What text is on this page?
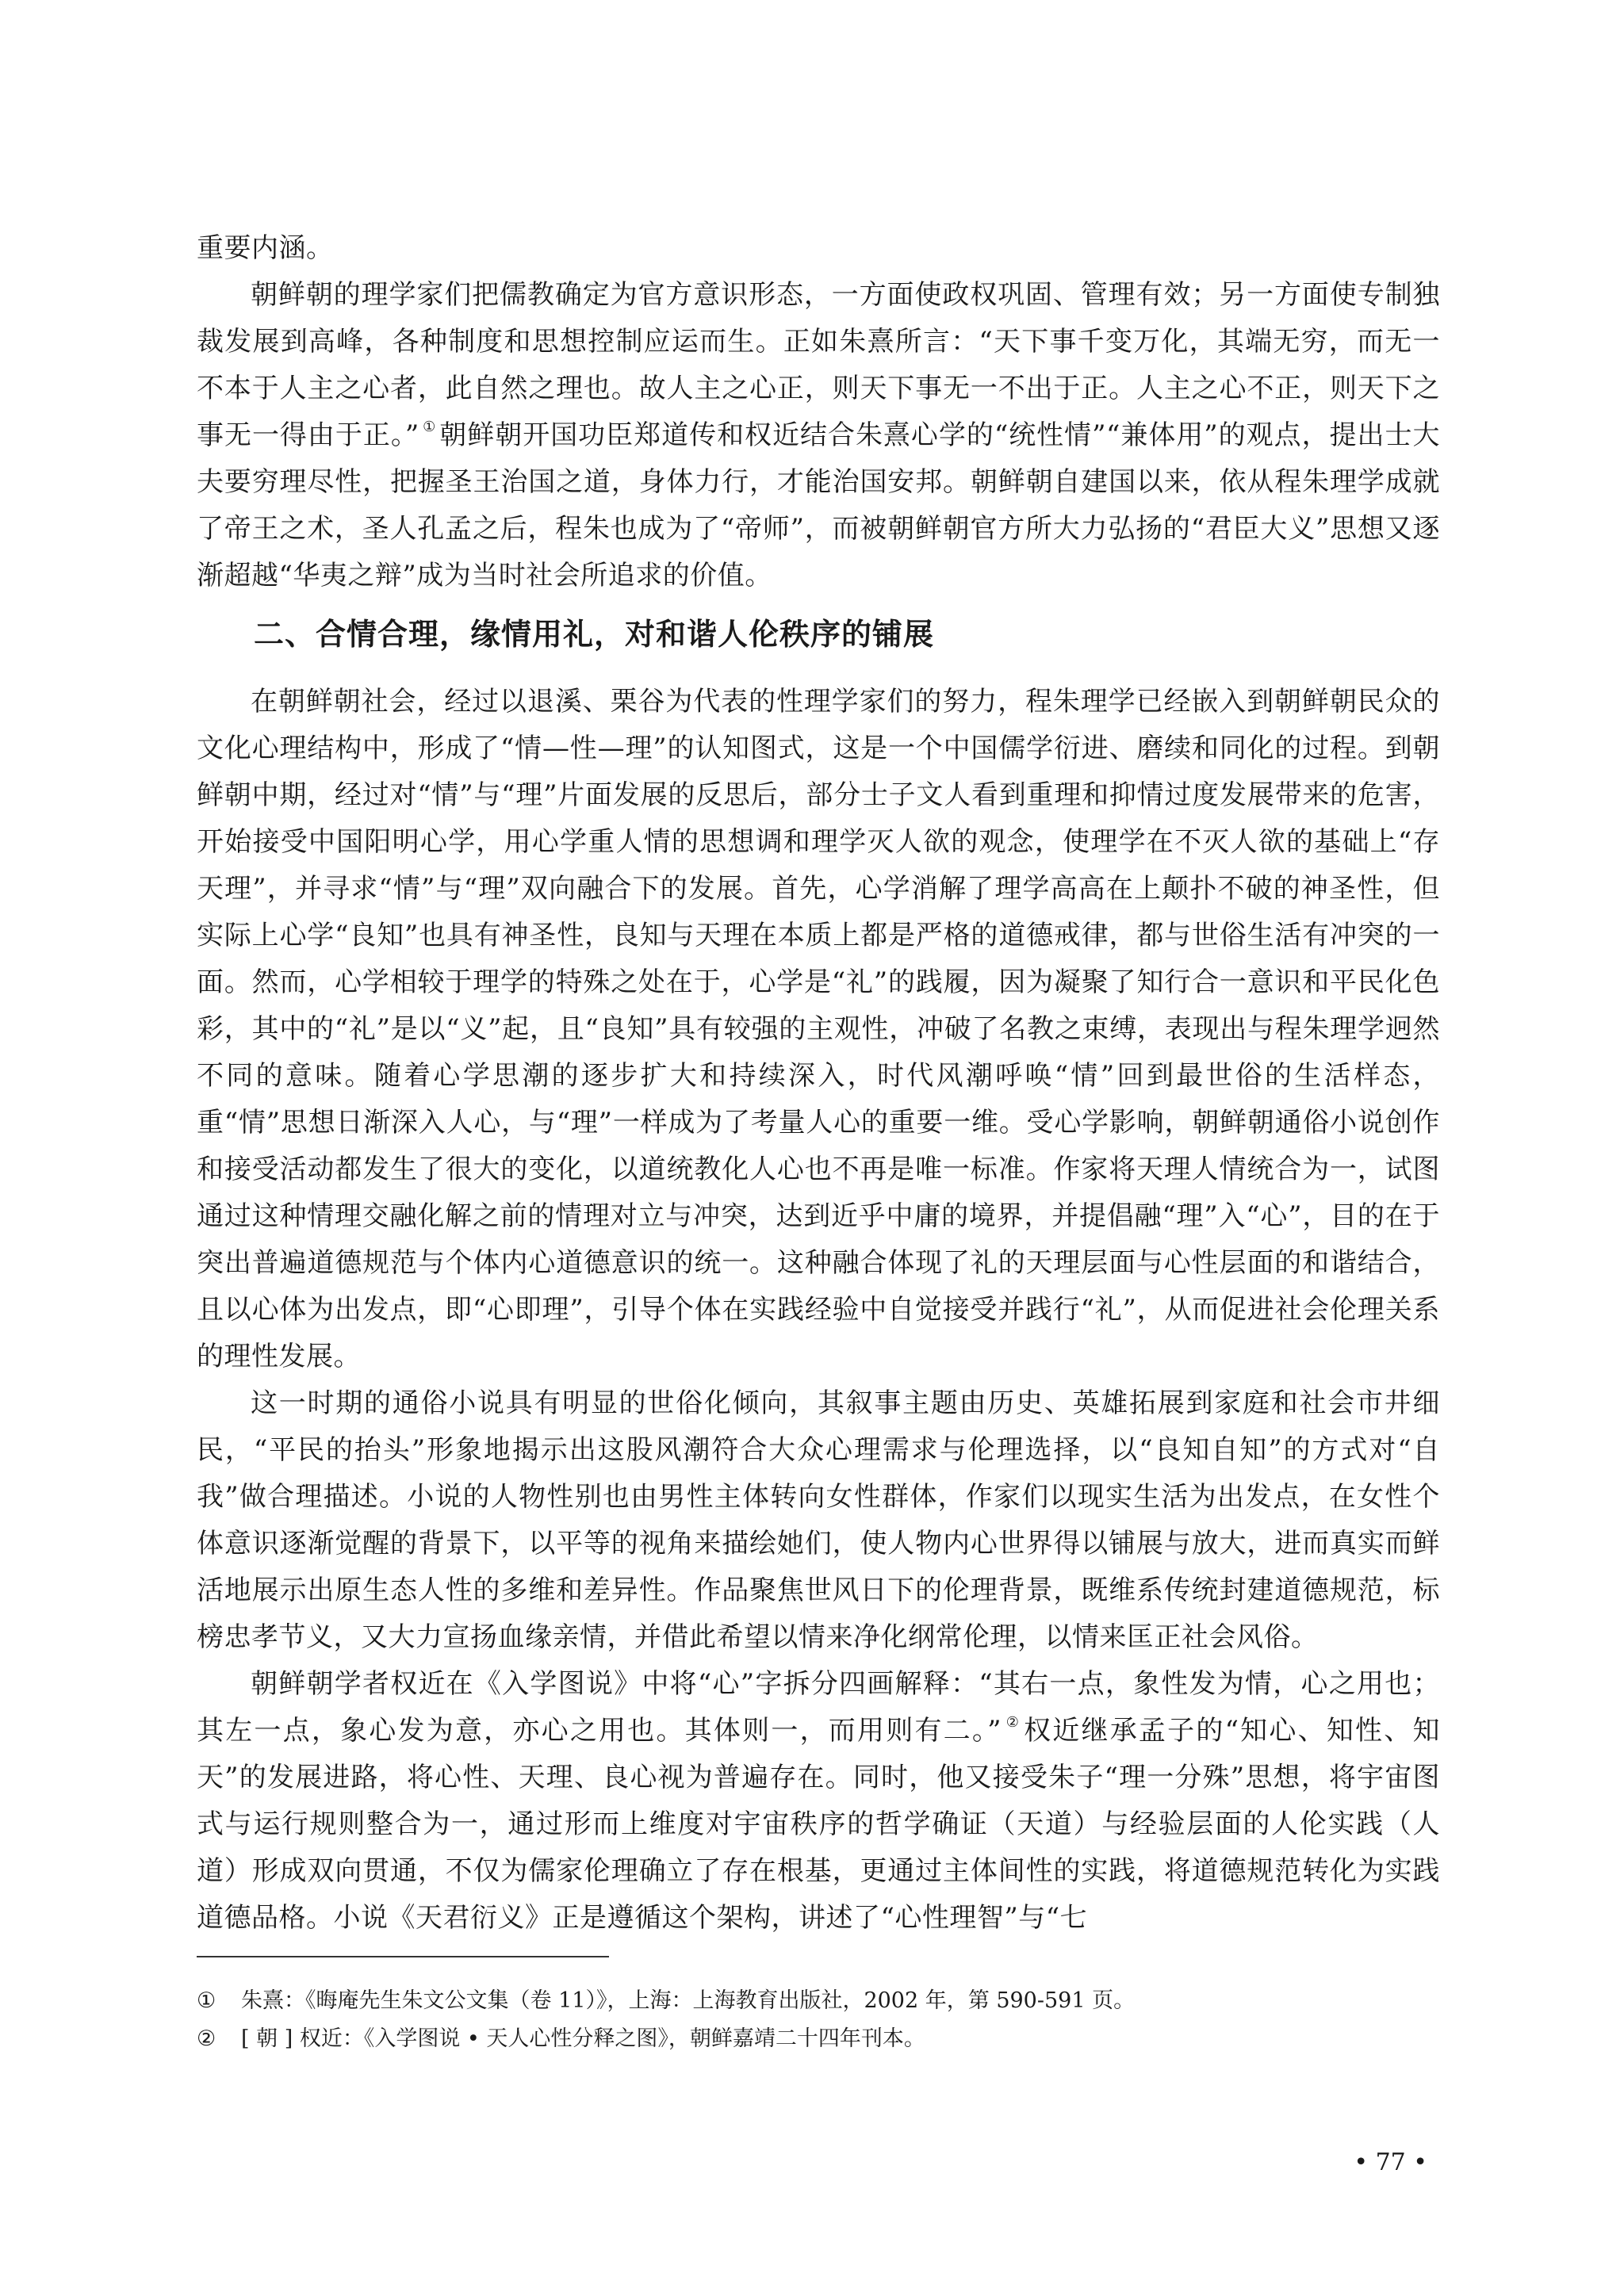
重要内涵。

朝鲜朝的理学家们把儒教确定为官方意识形态，一方面使政权巩固、管理有效；另一方面使专制独裁发展到高峰，各种制度和思想控制应运而生。正如朱熹所言：“天下事千变万化，其端无穷，而无一不本于人主之心者，此自然之理也。故人主之心正，则天下事无一不出于正。人主之心不正，则天下之事无一得由于正。” ① 朝鲜朝开国功臣郑道传和权近结合朱熹心学的“统性情”“兼体用”的观点，提出士大夫要穷理尽性，把握圣王治国之道，身体力行，才能治国安邦。朝鲜朝自建国以来，依从程朱理学成就了帝王之术，圣人孔孟之后，程朱也成为了“帝师”，而被朝鲜朝官方所大力弘扬的“君臣大义”思想又逐渐超越“华夷之辩”成为当时社会所追求的价值。

二、合情合理，缘情用礼，对和谐人伦秩序的铺展

在朝鲜朝社会，经过以退溪、栗谷为代表的性理学家们的努力，程朱理学已经嵌入到朝鲜朝民众的文化心理结构中，形成了“情—性—理”的认知图式，这是一个中国儒学衍进、磨续和同化的过程。到朝鲜朝中期，经过对“情”与“理”片面发展的反思后，部分士子文人看到重理和抑情过度发展带来的危害，开始接受中国阳明心学，用心学重人情的思想调和理学灭人欲的观念，使理学在不灭人欲的基础上“存天理”，并寻求“情”与“理”双向融合下的发展。首先，心学消解了理学高高在上颠扑不破的神圣性，但实际上心学“良知”也具有神圣性，良知与天理在本质上都是严格的道德戒律，都与世俗生活有冲突的一面。然而，心学相较于理学的特殊之处在于，心学是“礼”的践履，因为凝聚了知行合一意识和平民化色彩，其中的“礼”是以“义”起，且“良知”具有较强的主观性，冲破了名教之束缚，表现出与程朱理学迥然不同的意味。随着心学思潮的逐步扩大和持续深入，时代风潮呼唤“情”回到最世俗的生活样态，重“情”思想日渐深入人心，与“理”一样成为了考量人心的重要一维。受心学影响，朝鲜朝通俗小说创作和接受活动都发生了很大的变化，以道统教化人心也不再是唯一标准。作家将天理人情统合为一，试图通过这种情理交融化解之前的情理对立与冲突，达到近乎中庸的境界，并提倡融“理”入“心”，目的在于突出普遍道德规范与个体内心道德意识的统一。这种融合体现了礼的天理层面与心性层面的和谐结合，且以心体为出发点，即“心即理”，引导个体在实践经验中自觉接受并践行“礼”，从而促进社会伦理关系的理性发展。

这一时期的通俗小说具有明显的世俗化倾向，其叙事主题由历史、英雄拓展到家庭和社会市井细民，“平民的抬头”形象地揭示出这股风潮符合大众心理需求与伦理选择，以“良知自知”的方式对“自我”做合理描述。小说的人物性别也由男性主体转向女性群体，作家们以现实生活为出发点，在女性个体意识逐渐觉醒的背景下，以平等的视角来描绘她们，使人物内心世界得以铺展与放大，进而真实而鲜活地展示出原生态人性的多维和差异性。作品聚焦世风日下的伦理背景，既维系传统封建道德规范，标榜忠孝节义，又大力宣扬血缘亲情，并借此希望以情来净化纲常伦理，以情来匡正社会风俗。

朝鲜朝学者权近在《入学图说》中将“心”字拆分四画解释：“其右一点，象性发为情，心之用也；其左一点，象心发为意，亦心之用也。其体则一，而用则有二。” ② 权近继承孟子的“知心、知性、知天”的发展进路，将心性、天理、良心视为普遍存在。同时，他又接受朱子“理一分殊”思想，将宇宙图式与运行规则整合为一，通过形而上维度对宇宙秩序的哲学确证（天道）与经验层面的人伦实践（人道）形成双向贯通，不仅为儒家伦理确立了存在根基，更通过主体间性的实践，将道德规范转化为实践道德品格。小说《天君衍义》正是遵循这个架构，讲述了“心性理智”与“七

① 朱熹：《晦庵先生朱文公文集（卷 11）》，上海：上海教育出版社，2002 年，第 590-591 页。

② [ 朝 ] 权近：《入学图说 • 天人心性分释之图》，朝鲜嘉靖二十四年刊本。

• 77 •
